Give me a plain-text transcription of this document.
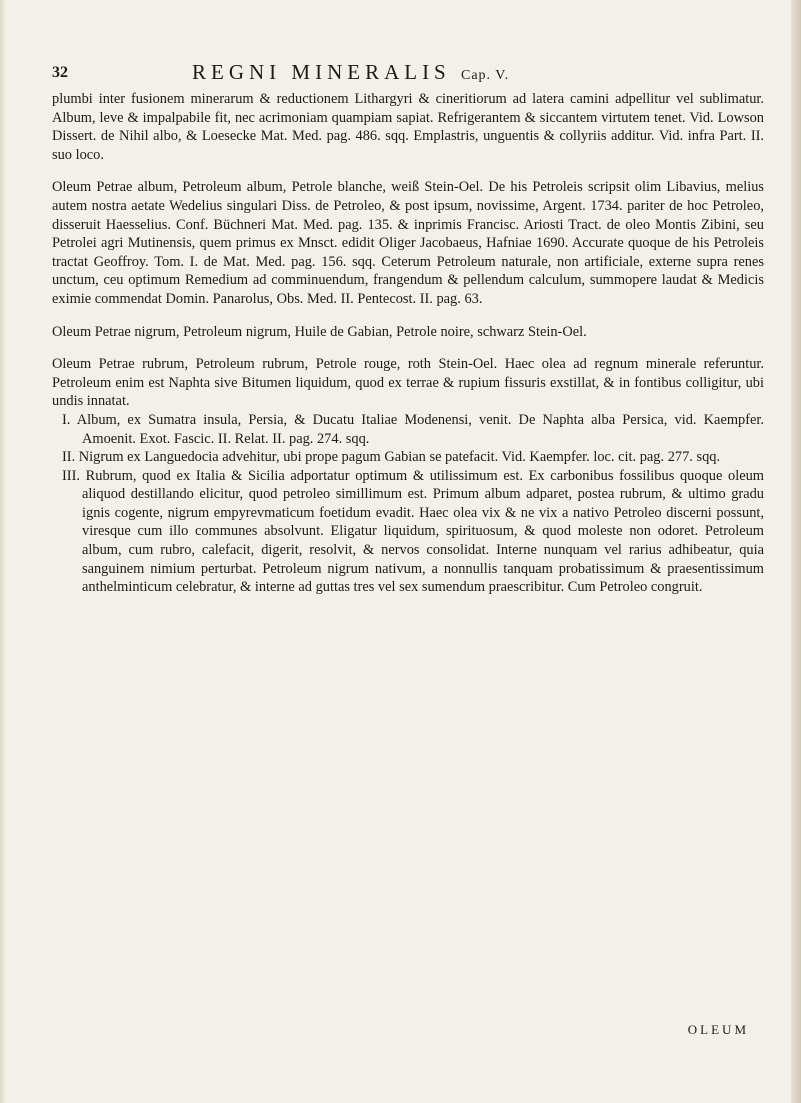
32	REGNI MINERALIS Cap. V.

plumbi inter fusionem minerarum & reductionem Lithargyri & cineritiorum ad latera camini adpellitur vel sublimatur. Album, leve & impalpabile fit, nec acrimoniam quampiam sapiat. Refrigerantem & siccantem virtutem tenet. Vid. Lowson Dissert. de Nihil albo, & Loesecke Mat. Med. pag. 486. sqq. Emplastris, unguentis & collyriis additur. Vid. infra Part. II. suo loco.

Oleum Petrae album, Petroleum album, Petrole blanche, weiß Stein-Oel. De his Petroleis scripsit olim Libavius, melius autem nostra aetate Wedelius singulari Diss. de Petroleo, & post ipsum, novissime, Argent. 1734. pariter de hoc Petroleo, disseruit Haesselius. Conf. Büchneri Mat. Med. pag. 135. & inprimis Francisc. Ariosti Tract. de oleo Montis Zibini, seu Petrolei agri Mutinensis, quem primus ex Mnsct. edidit Oliger Jacobaeus, Hafniae 1690. Accurate quoque de his Petroleis tractat Geoffroy. Tom. I. de Mat. Med. pag. 156. sqq. Ceterum Petroleum naturale, non artificiale, externe supra renes unctum, ceu optimum Remedium ad comminuendum, frangendum & pellendum calculum, summopere laudat & Medicis eximie commendat Domin. Panarolus, Obs. Med. II. Pentecost. II. pag. 63.

Oleum Petrae nigrum, Petroleum nigrum, Huile de Gabian, Petrole noire, schwarz Stein-Oel.

Oleum Petrae rubrum, Petroleum rubrum, Petrole rouge, roth Stein-Oel. Haec olea ad regnum minerale referuntur. Petroleum enim est Naphta sive Bitumen liquidum, quod ex terrae & rupium fissuris exstillat, & in fontibus colligitur, ubi undis innatat.

I. Album, ex Sumatra insula, Persia, & Ducatu Italiae Modenensi, venit. De Naphta alba Persica, vid. Kaempfer. Amoenit. Exot. Fascic. II. Relat. II. pag. 274. sqq.

II. Nigrum ex Languedocia advehitur, ubi prope pagum Gabian se patefacit. Vid. Kaempfer. loc. cit. pag. 277. sqq.

III. Rubrum, quod ex Italia & Sicilia adportatur optimum & utilissimum est. Ex carbonibus fossilibus quoque oleum aliquod destillando elicitur, quod petroleo simillimum est. Primum album adparet, postea rubrum, & ultimo gradu ignis cogente, nigrum empyrevmaticum foetidum evadit. Haec olea vix & ne vix a nativo Petroleo discerni possunt, viresque cum illo communes absolvunt. Eligatur liquidum, spirituosum, & quod moleste non odoret. Petroleum album, cum rubro, calefacit, digerit, resolvit, & nervos consolidat. Interne nunquam vel rarius adhibeatur, quia sanguinem nimium perturbat. Petroleum nigrum nativum, a nonnullis tanquam probatissimum & praesentissimum anthelminticum celebratur, & interne ad guttas tres vel sex sumendum praescribitur. Cum Petroleo congruit.

OLEUM
